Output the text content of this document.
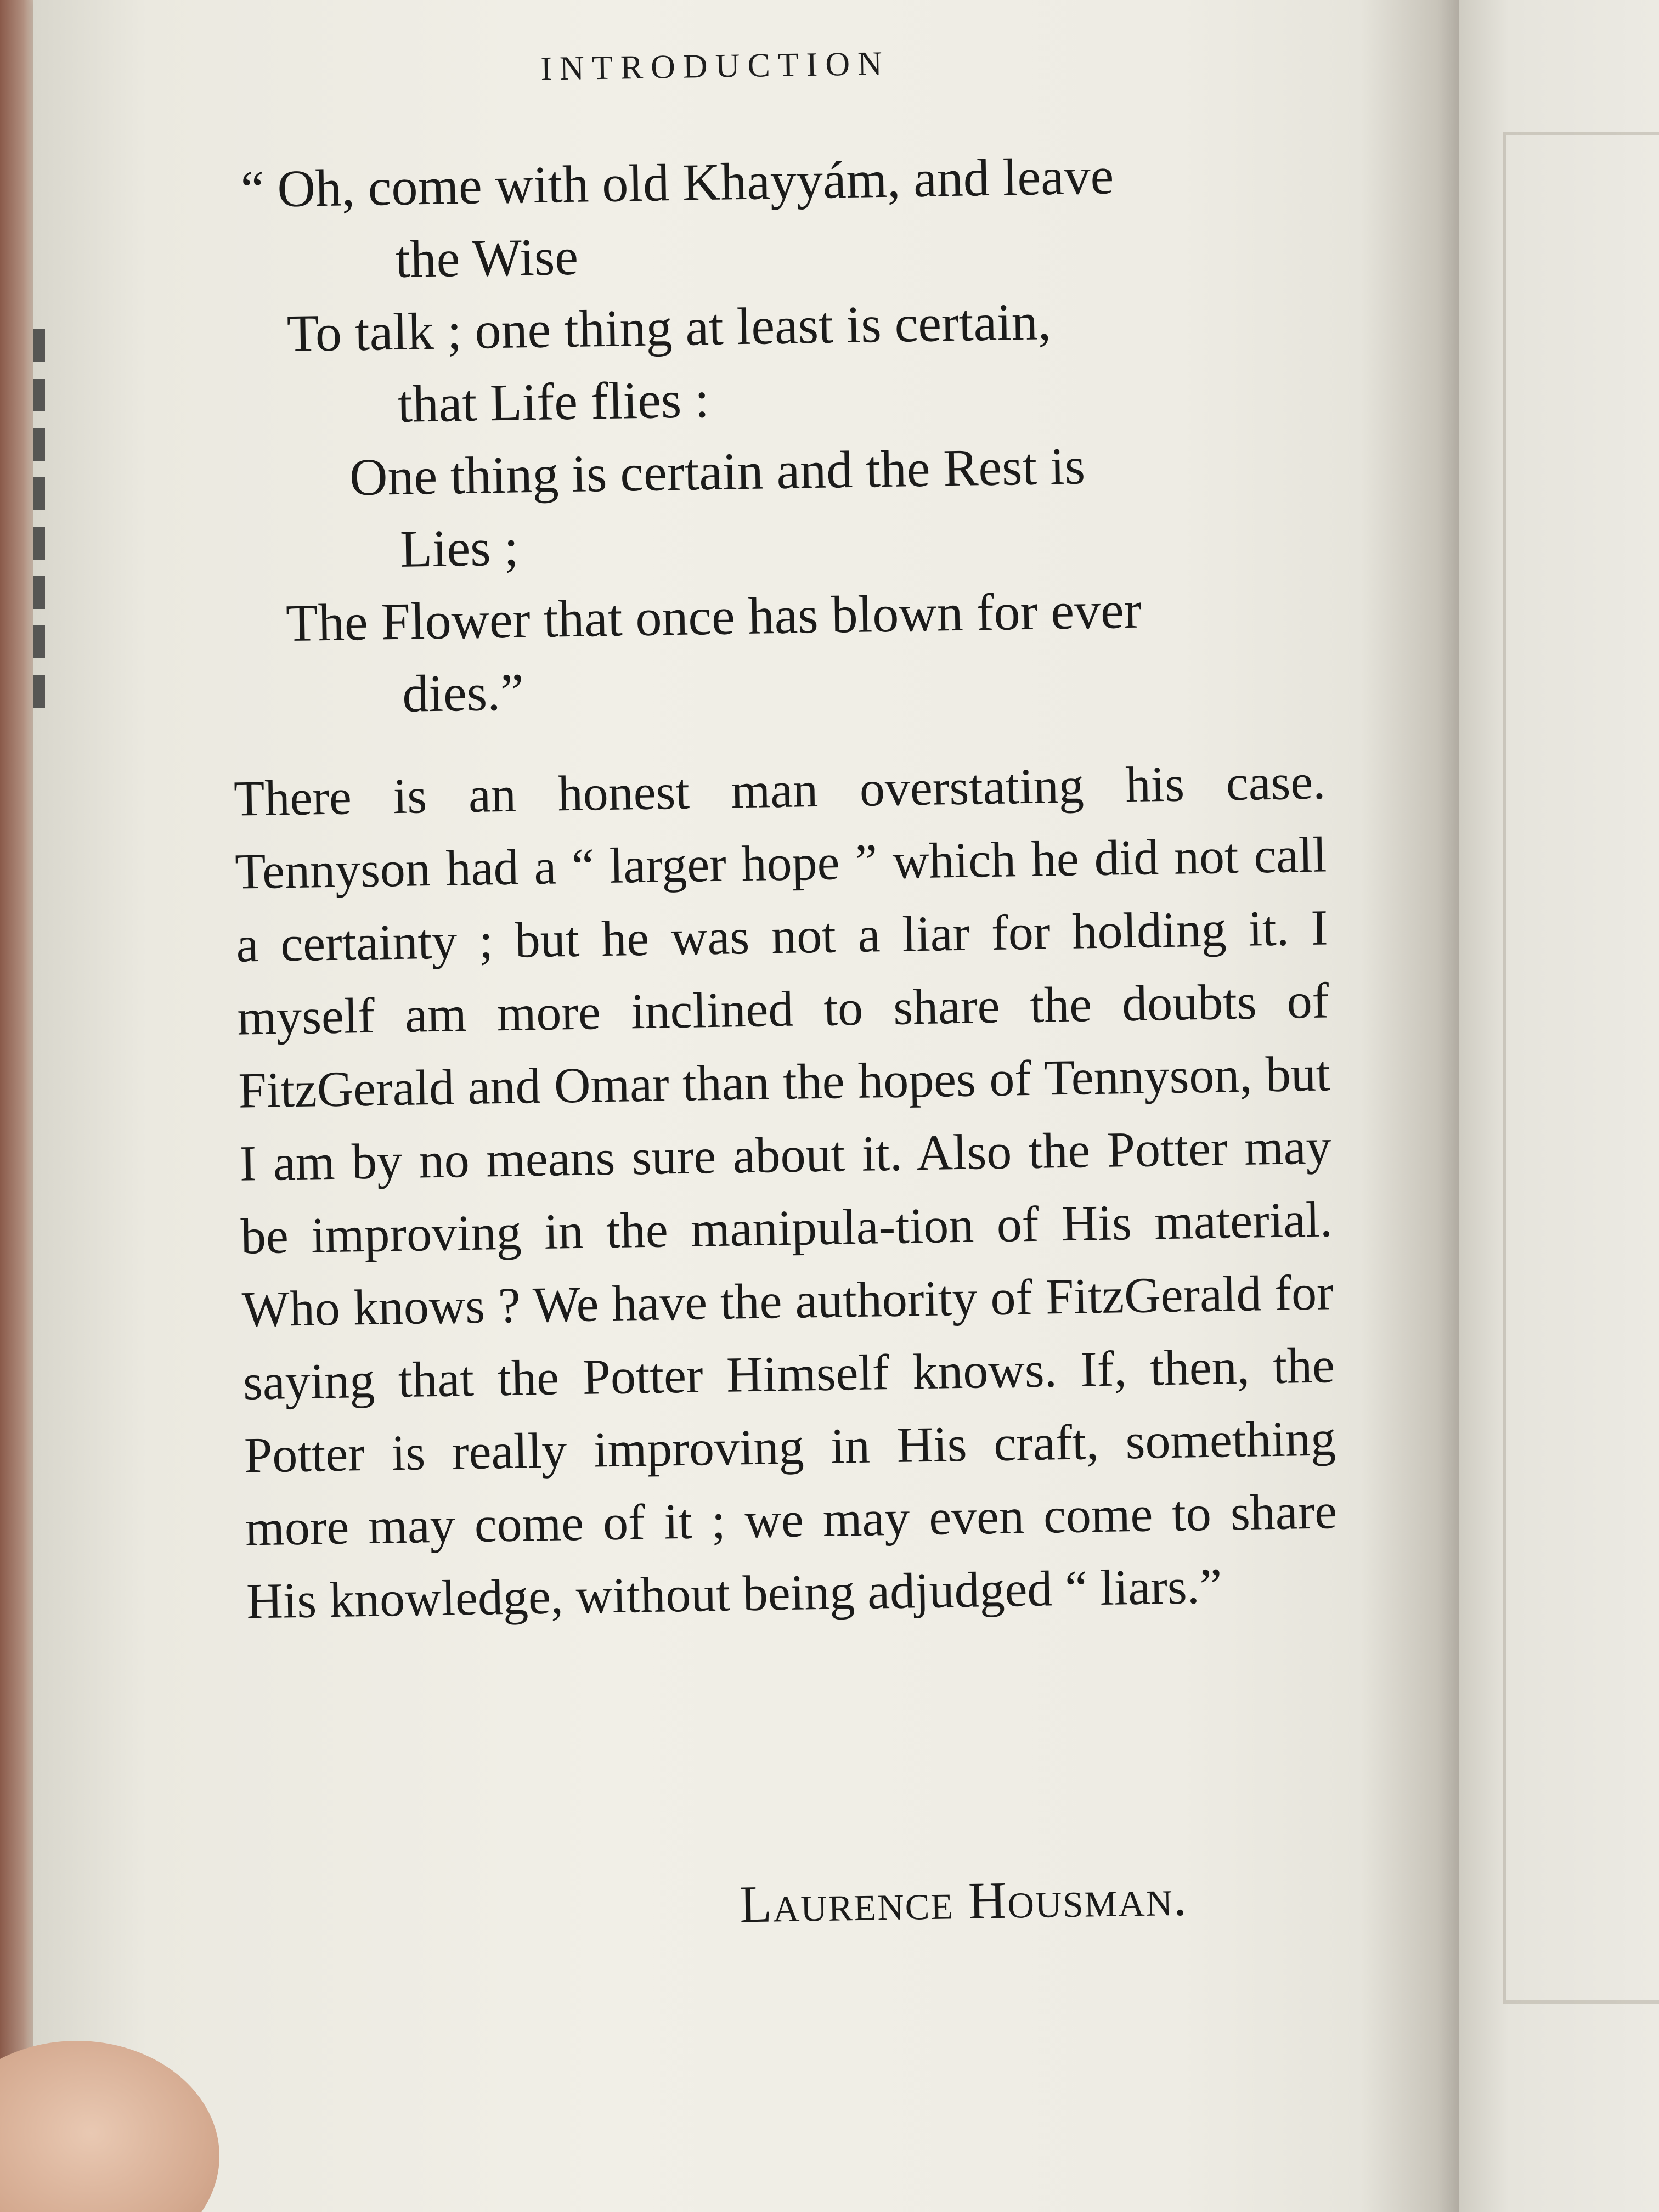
INTRODUCTION
“ Oh, come with old Khayyám, and leave
the Wise
To talk ; one thing at least is certain,
that Life flies :
One thing is certain and the Rest is
Lies ;
The Flower that once has blown for ever
dies.”
There is an honest man overstating his case. Tennyson had a “ larger hope ” which he did not call a certainty ; but he was not a liar for holding it. I myself am more inclined to share the doubts of FitzGerald and Omar than the hopes of Tennyson, but I am by no means sure about it. Also the Potter may be improving in the manipula-tion of His material. Who knows ? We have the authority of FitzGerald for saying that the Potter Himself knows. If, then, the Potter is really improving in His craft, something more may come of it ; we may even come to share His knowledge, without being adjudged “ liars.”
Laurence Housman.
